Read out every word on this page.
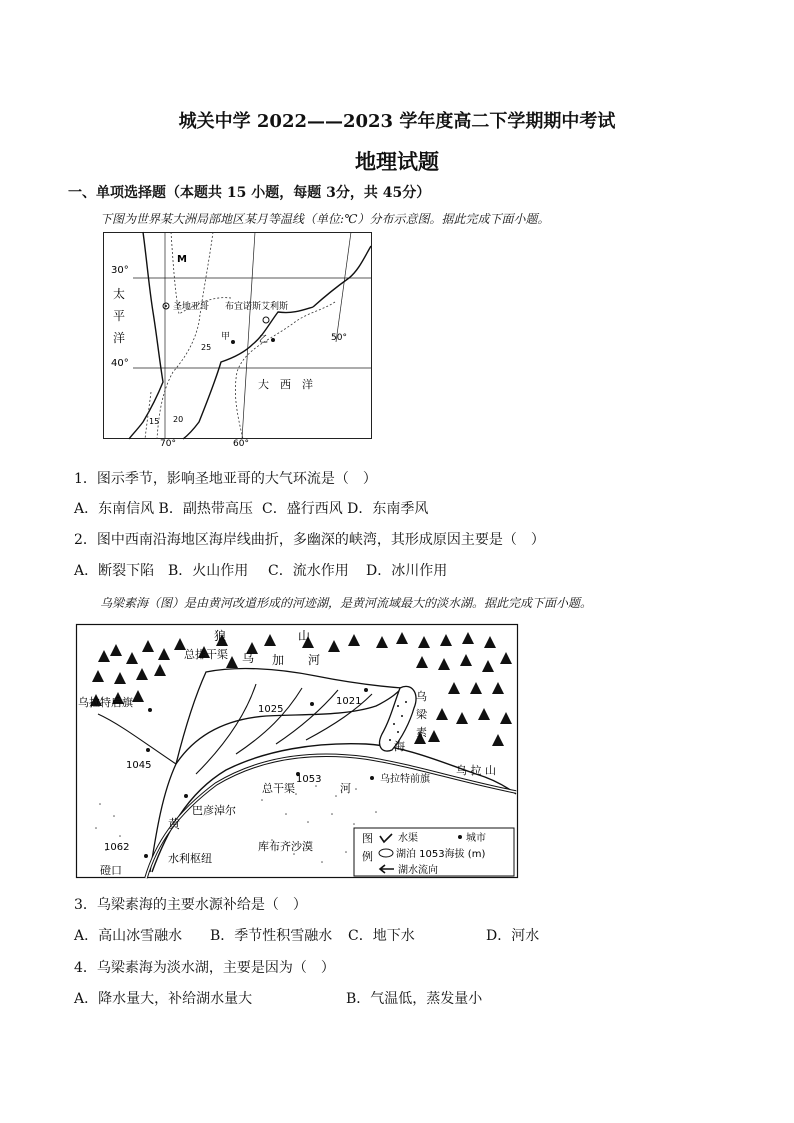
城关中学 2022——2023 学年度高二下学期期中考试
地理试题
一、单项选择题（本题共 15 小题，每题 3分，共 45分）
下图为世界某大洲局部地区某月等温线（单位:℃）分布示意图。据此完成下面小题。
30°
40°
70°	60°
50°
M
太
平
洋
圣地亚哥 布宜诺斯艾利斯
甲	乙
大　西　洋
25
20
15
1．图示季节，影响圣地亚哥的大气环流是（　）
A．东南信风 B．副热带高压 C．盛行西风 D．东南季风
2．图中西南沿海地区海岸线曲折，多幽深的峡湾，其形成原因主要是（　）
A．断裂下陷 B．火山作用 C．流水作用 D．冰川作用
乌梁素海（图）是由黄河改道形成的河迹湖，是黄河流域最大的淡水湖。据此完成下面小题。
狼	山
总排干渠 乌 加 河
乌拉特后旗
1025
1021	乌
梁
素
海
1045	乌 拉 山
1053
总干渠	河
乌拉特前旗
巴彦淖尔
黄
库布齐沙漠
1062
磴口
水利枢纽
图
例
水渠	城市
湖泊 1053海拔 (m)
湖水流向
3．乌梁素海的主要水源补给是（　）
A．高山冰雪融水 B．季节性积雪融水 C．地下水	D．河水
4．乌梁素海为淡水湖，主要是因为（　）
A．降水量大，补给湖水量大	B．气温低，蒸发量小
